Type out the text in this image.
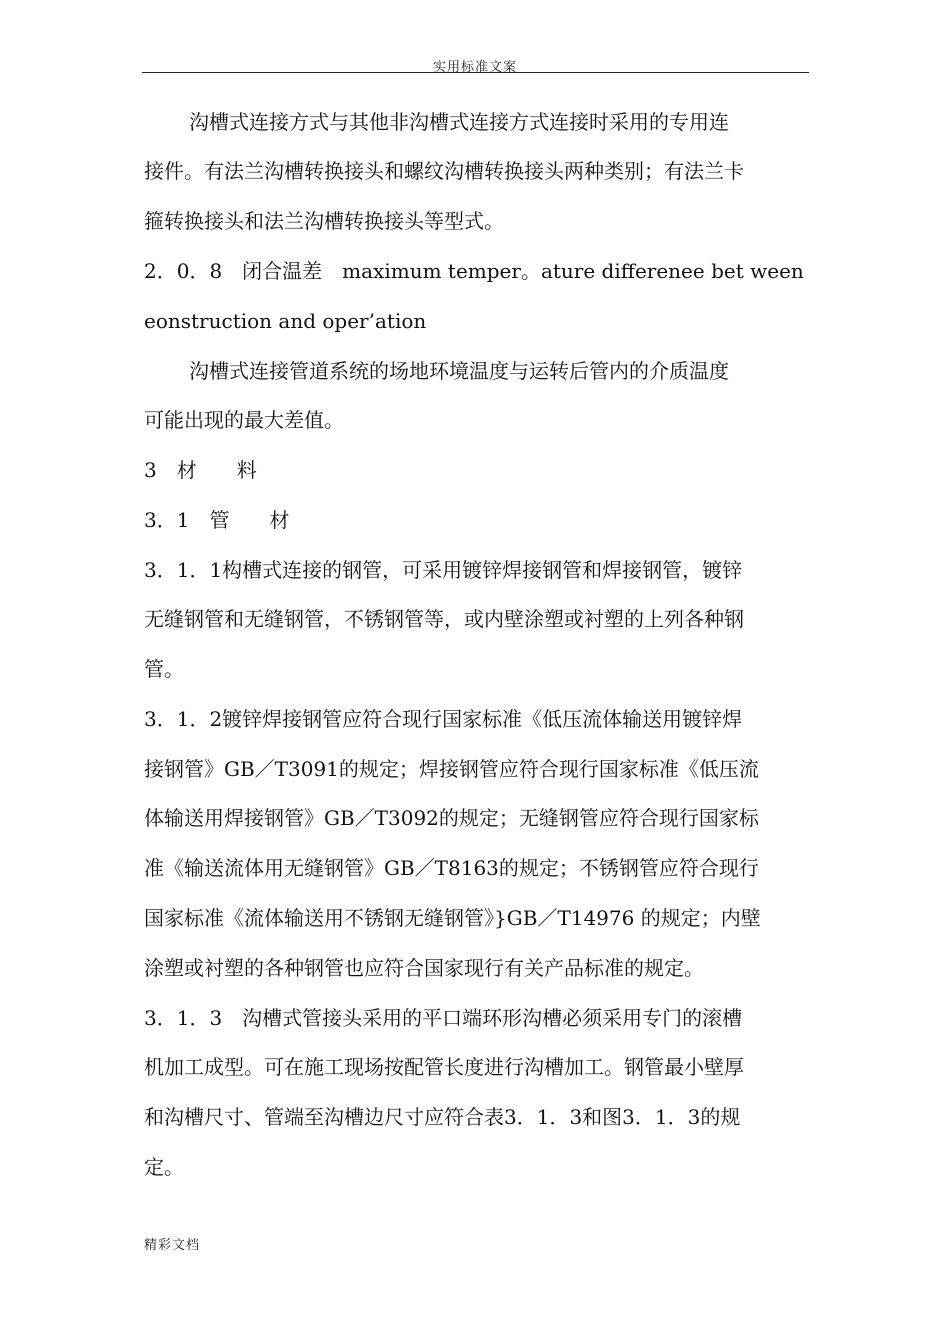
实用标准文案
沟槽式连接方式与其他非沟槽式连接方式连接时采用的专用连
接件。有法兰沟槽转换接头和螺纹沟槽转换接头两种类别；有法兰卡
箍转换接头和法兰沟槽转换接头等型式。
2．0．8　闭合温差　maximum temper。ature differenee bet ween
eonstruction and oper’ation
沟槽式连接管道系统的场地环境温度与运转后管内的介质温度
可能出现的最大差值。
3　材　　料
3．1　管　　材
3．1．1构槽式连接的钢管，可采用镀锌焊接钢管和焊接钢管，镀锌
无缝钢管和无缝钢管，不锈钢管等，或内壁涂塑或衬塑的上列各种钢
管。
3．1．2镀锌焊接钢管应符合现行国家标准《低压流体输送用镀锌焊
接钢管》GB／T3091的规定；焊接钢管应符合现行国家标准《低压流
体输送用焊接钢管》GB／T3092的规定；无缝钢管应符合现行国家标
准《输送流体用无缝钢管》GB／T8163的规定；不锈钢管应符合现行
国家标准《流体输送用不锈钢无缝钢管》}GB／T14976 的规定；内壁
涂塑或衬塑的各种钢管也应符合国家现行有关产品标准的规定。
3．1．3　沟槽式管接头采用的平口端环形沟槽必须采用专门的滚槽
机加工成型。可在施工现场按配管长度进行沟槽加工。钢管最小壁厚
和沟槽尺寸、管端至沟槽边尺寸应符合表3．1．3和图3．1．3的规
定。
精彩文档
